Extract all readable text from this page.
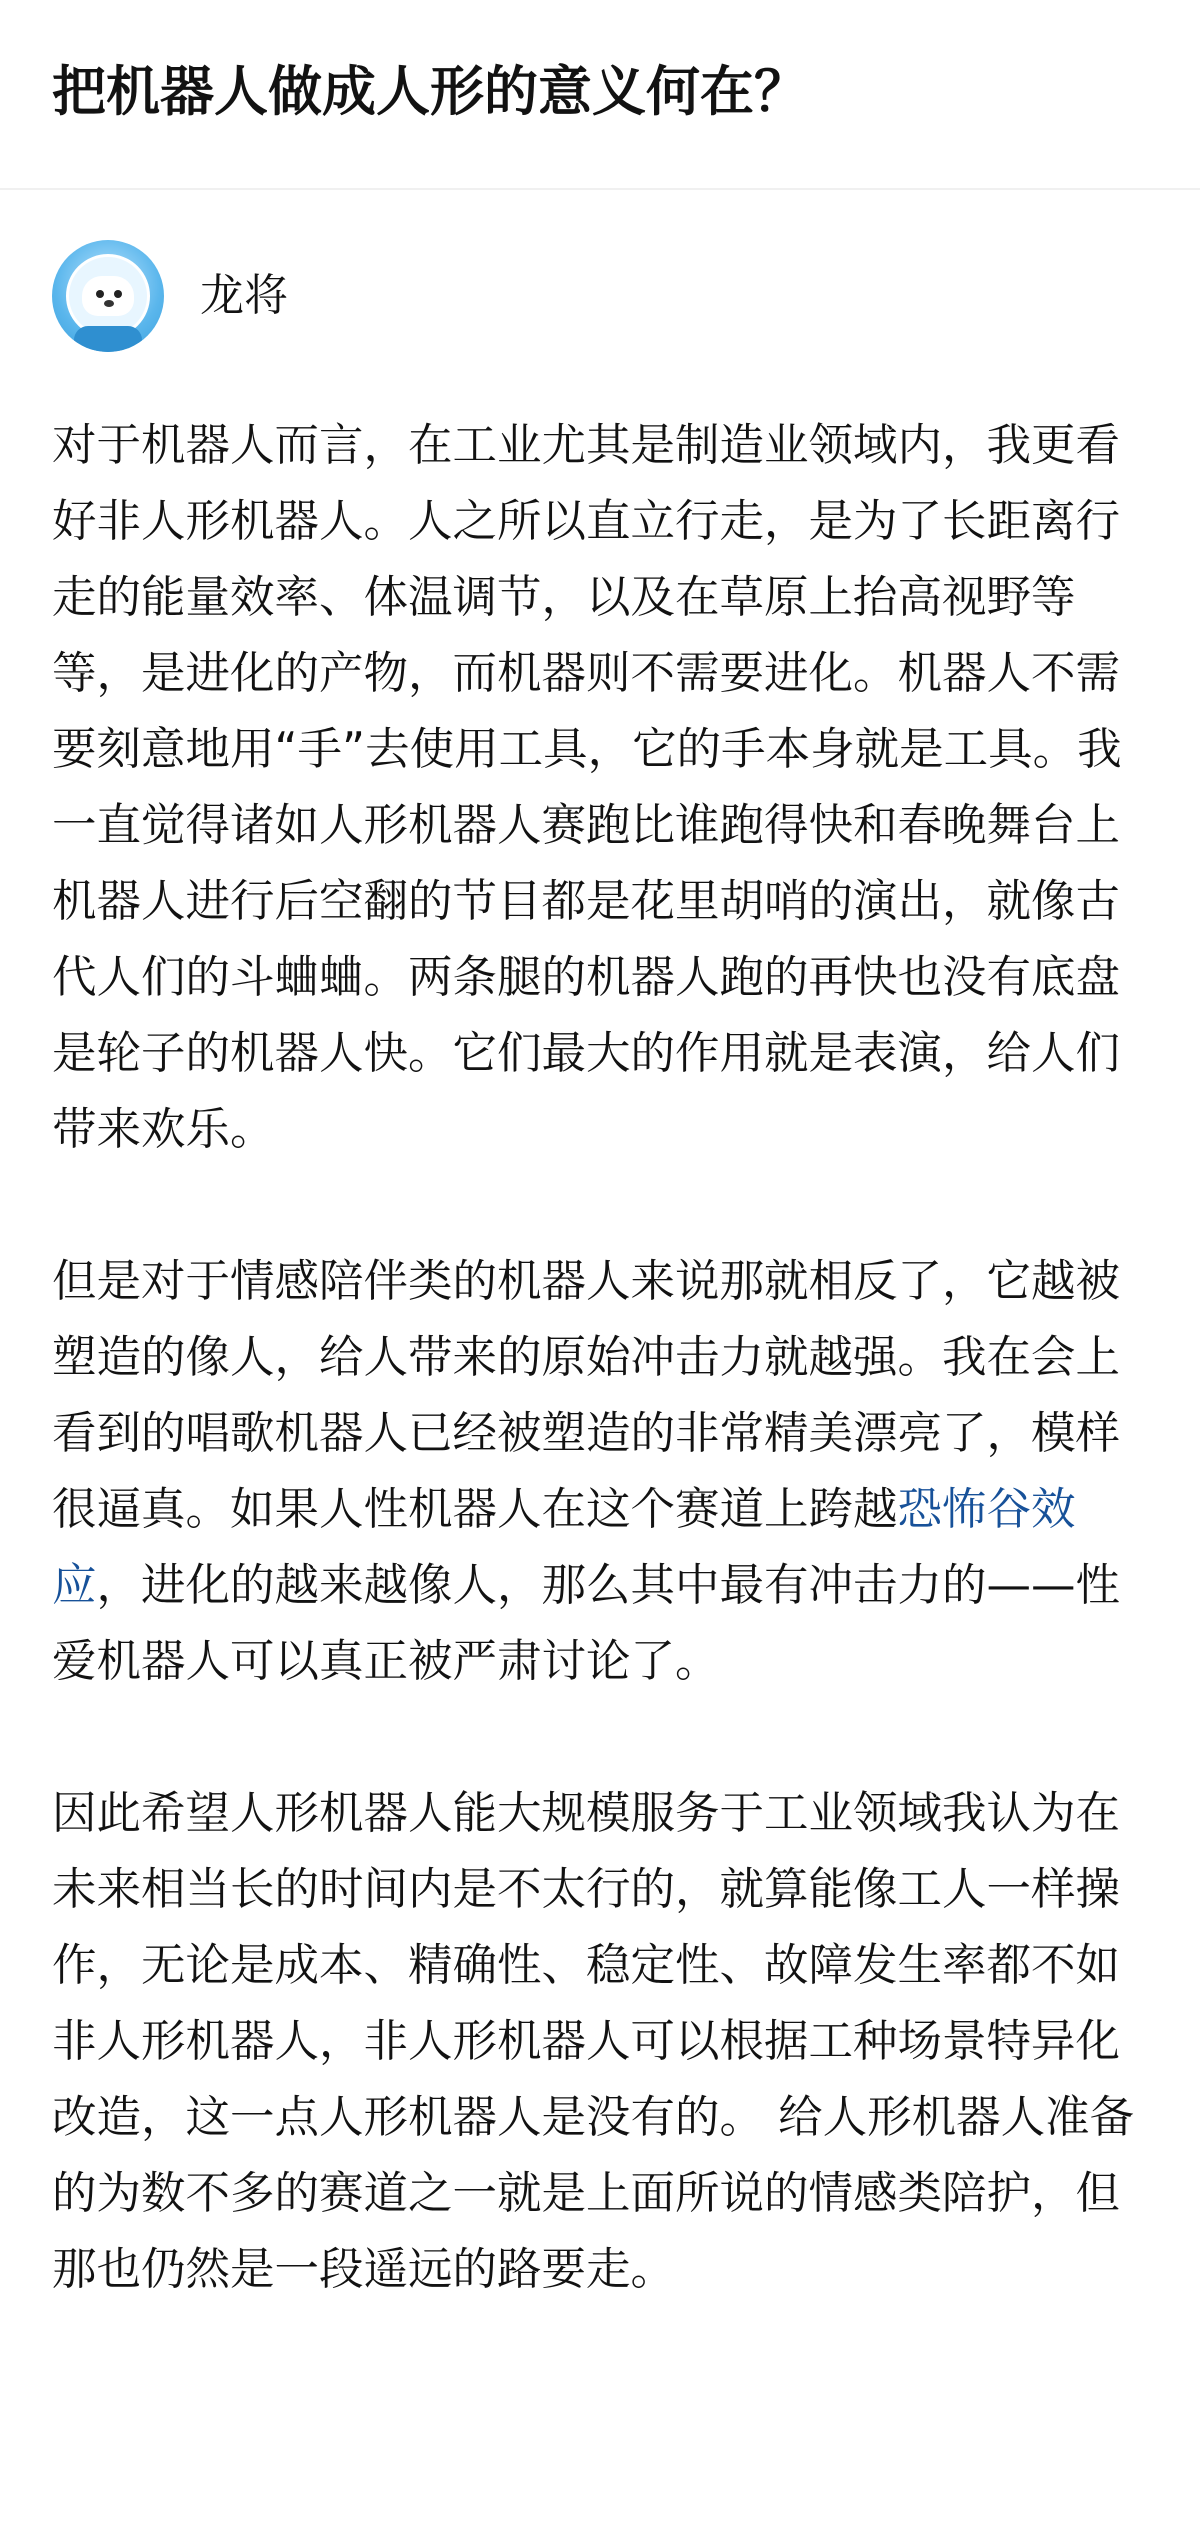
把机器人做成人形的意义何在？
龙将

对于机器人而言，在工业尤其是制造业领域内，我更看好非人形机器人。人之所以直立行走，是为了长距离行走的能量效率、体温调节，以及在草原上抬高视野等等，是进化的产物，而机器则不需要进化。机器人不需要刻意地用“手”去使用工具，它的手本身就是工具。我一直觉得诸如人形机器人赛跑比谁跑得快和春晚舞台上机器人进行后空翻的节目都是花里胡哨的演出，就像古代人们的斗蛐蛐。两条腿的机器人跑的再快也没有底盘是轮子的机器人快。它们最大的作用就是表演，给人们带来欢乐。

但是对于情感陪伴类的机器人来说那就相反了，它越被塑造的像人，给人带来的原始冲击力就越强。我在会上看到的唱歌机器人已经被塑造的非常精美漂亮了，模样很逼真。如果人性机器人在这个赛道上跨越恐怖谷效应，进化的越来越像人，那么其中最有冲击力的——性爱机器人可以真正被严肃讨论了。

因此希望人形机器人能大规模服务于工业领域我认为在未来相当长的时间内是不太行的，就算能像工人一样操作，无论是成本、精确性、稳定性、故障发生率都不如非人形机器人，非人形机器人可以根据工种场景特异化改造，这一点人形机器人是没有的。 给人形机器人准备的为数不多的赛道之一就是上面所说的情感类陪护，但那也仍然是一段遥远的路要走。
